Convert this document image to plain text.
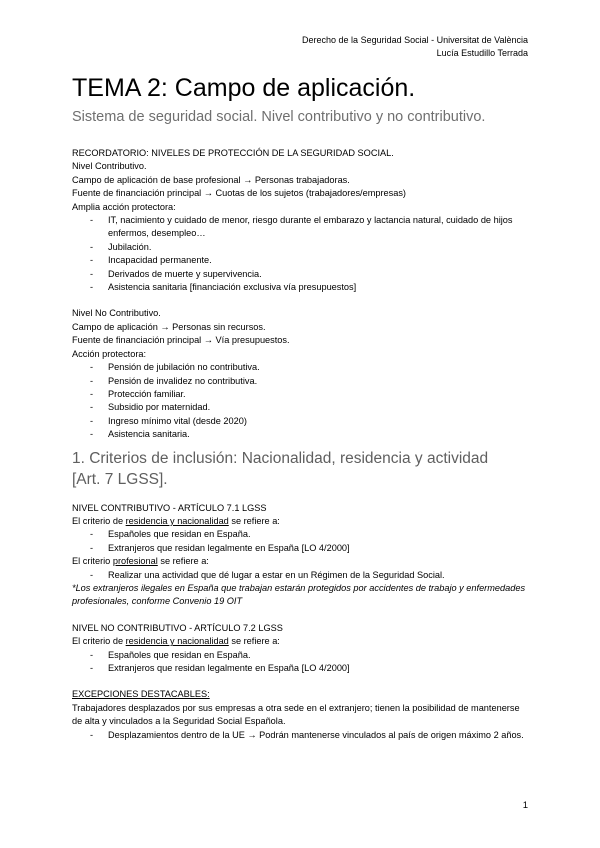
Derecho de la Seguridad Social - Universitat de València
Lucía Estudillo Terrada
TEMA 2: Campo de aplicación.
Sistema de seguridad social. Nivel contributivo y no contributivo.

RECORDATORIO: NIVELES DE PROTECCIÓN DE LA SEGURIDAD SOCIAL.

Nivel Contributivo.

Campo de aplicación de base profesional → Personas trabajadoras.

Fuente de financiación principal → Cuotas de los sujetos (trabajadores/empresas)

Amplia acción protectora:

- IT, nacimiento y cuidado de menor, riesgo durante el embarazo y lactancia natural, cuidado de hijos enfermos, desempleo…
- Jubilación.
- Incapacidad permanente.
- Derivados de muerte y supervivencia.
- Asistencia sanitaria [financiación exclusiva vía presupuestos]

Nivel No Contributivo.

Campo de aplicación → Personas sin recursos.

Fuente de financiación principal → Vía presupuestos.

Acción protectora:

- Pensión de jubilación no contributiva.
- Pensión de invalidez no contributiva.
- Protección familiar.
- Subsidio por maternidad.
- Ingreso mínimo vital (desde 2020)
- Asistencia sanitaria.
1. Criterios de inclusión: Nacionalidad, residencia y actividad
[Art. 7 LGSS].

NIVEL CONTRIBUTIVO - ARTÍCULO 7.1 LGSS

El criterio de residencia y nacionalidad se refiere a:

- Españoles que residan en España.
- Extranjeros que residan legalmente en España [LO 4/2000]

El criterio profesional se refiere a:

- Realizar una actividad que dé lugar a estar en un Régimen de la Seguridad Social.

*Los extranjeros ilegales en España que trabajan estarán protegidos por accidentes de trabajo y enfermedades profesionales, conforme Convenio 19 OIT

NIVEL NO CONTRIBUTIVO - ARTÍCULO 7.2 LGSS

El criterio de residencia y nacionalidad se refiere a:

- Españoles que residan en España.
- Extranjeros que residan legalmente en España [LO 4/2000]

EXCEPCIONES DESTACABLES:

Trabajadores desplazados por sus empresas a otra sede en el extranjero; tienen la posibilidad de mantenerse de alta y vinculados a la Seguridad Social Española.

- Desplazamientos dentro de la UE → Podrán mantenerse vinculados al país de origen máximo 2 años.
1
